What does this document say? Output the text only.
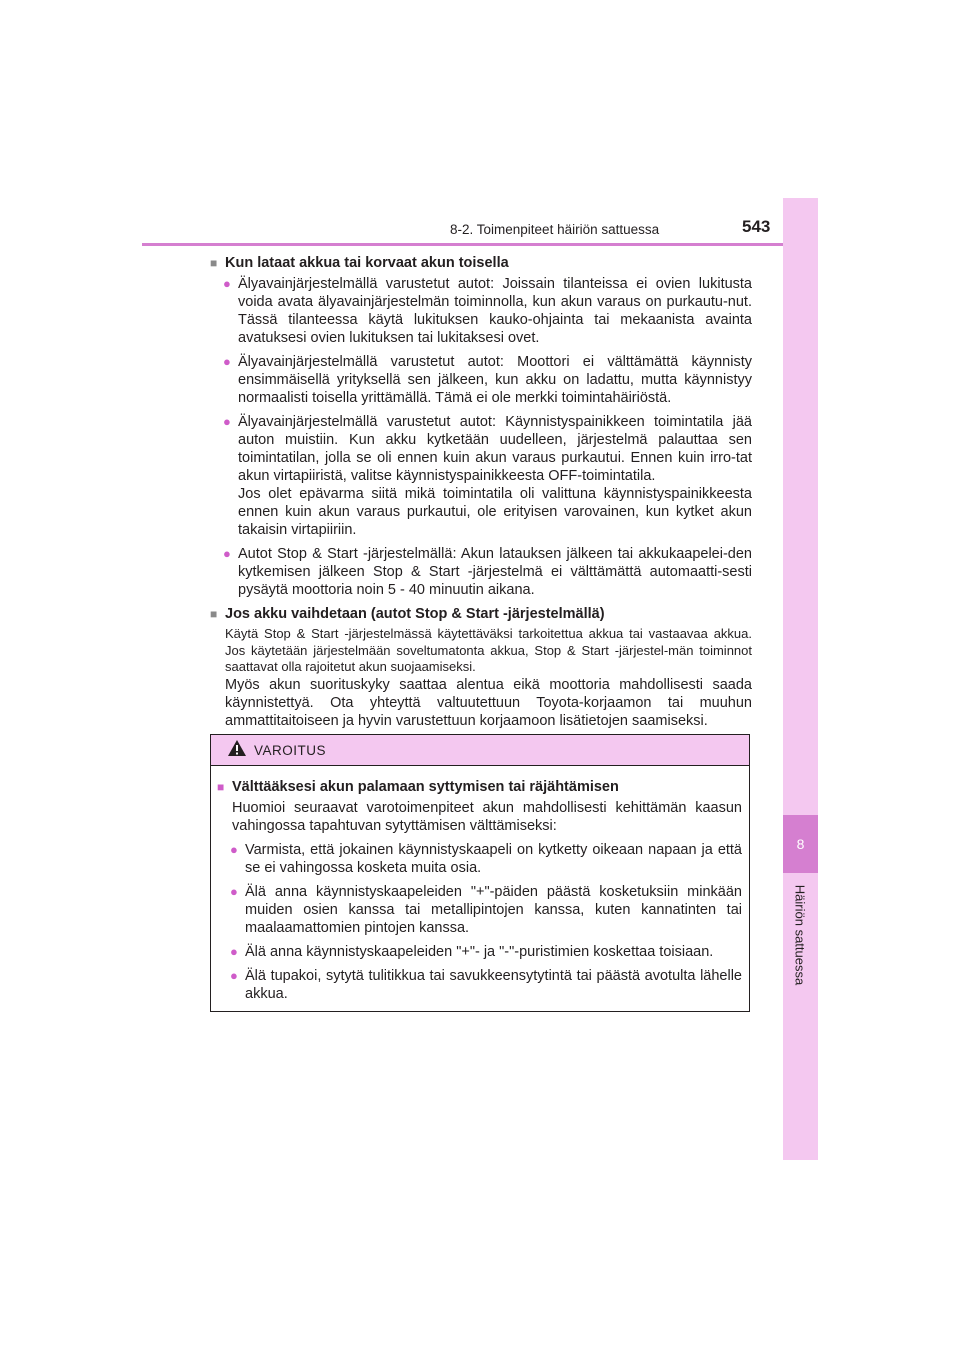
8-2. Toimenpiteet häiriön sattuessa	543
8
Häiriön sattuessa
■ Kun lataat akkua tai korvaat akun toisella
● Älyavainjärjestelmällä varustetut autot: Joissain tilanteissa ei ovien lukitusta voida avata älyavainjärjestelmän toiminnolla, kun akun varaus on purkautu-nut. Tässä tilanteessa käytä lukituksen kauko-ohjainta tai mekaanista avainta avatuksesi ovien lukituksen tai lukitaksesi ovet.

● Älyavainjärjestelmällä varustetut autot: Moottori ei välttämättä käynnisty ensimmäisellä yrityksellä sen jälkeen, kun akku on ladattu, mutta käynnistyy normaalisti toisella yrittämällä. Tämä ei ole merkki toimintahäiriöstä.

● Älyavainjärjestelmällä varustetut autot: Käynnistyspainikkeen toimintatila jää auton muistiin. Kun akku kytketään uudelleen, järjestelmä palauttaa sen toimintatilan, jolla se oli ennen kuin akun varaus purkautui. Ennen kuin irro-tat akun virtapiiristä, valitse käynnistyspainikkeesta OFF-toimintatila.

Jos olet epävarma siitä mikä toimintatila oli valittuna käynnistyspainikkeesta ennen kuin akun varaus purkautui, ole erityisen varovainen, kun kytket akun takaisin virtapiiriin.

● Autot Stop & Start -järjestelmällä: Akun latauksen jälkeen tai akkukaapelei-den kytkemisen jälkeen Stop & Start -järjestelmä ei välttämättä automaatti-sesti pysäytä moottoria noin 5 - 40 minuutin aikana.

■ Jos akku vaihdetaan (autot Stop & Start -järjestelmällä)
Käytä Stop & Start -järjestelmässä käytettäväksi tarkoitettua akkua tai vastaavaa akkua. Jos käytetään järjestelmään soveltumatonta akkua, Stop & Start -järjestel-män toiminnot saattavat olla rajoitetut akun suojaamiseksi.
Myös akun suorituskyky saattaa alentua eikä moottoria mahdollisesti saada käynnistettyä. Ota yhteyttä valtuutettuun Toyota-korjaamon tai muuhun ammattitaitoiseen ja hyvin varustettuun korjaamoon lisätietojen saamiseksi.
VAROITUS
■ Välttääksesi akun palamaan syttymisen tai räjähtämisen
Huomioi seuraavat varotoimenpiteet akun mahdollisesti kehittämän kaasun vahingossa tapahtuvan sytyttämisen välttämiseksi:
● Varmista, että jokainen käynnistyskaapeli on kytketty oikeaan napaan ja että se ei vahingossa kosketa muita osia.

● Älä anna käynnistyskaapeleiden "+"-päiden päästä kosketuksiin minkään muiden osien kanssa tai metallipintojen kanssa, kuten kannatinten tai maalaamattomien pintojen kanssa.

● Älä anna käynnistyskaapeleiden "+"- ja "-"-puristimien koskettaa toisiaan.

● Älä tupakoi, sytytä tulitikkua tai savukkeensytytintä tai päästä avotulta lähelle akkua.
